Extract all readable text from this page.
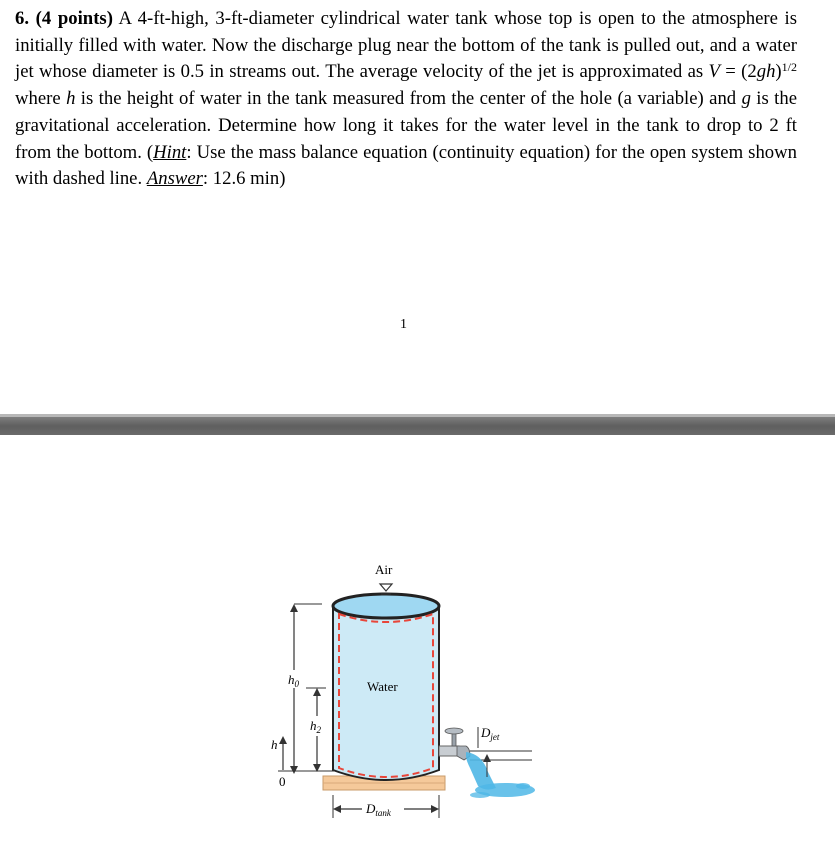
6. (4 points) A 4-ft-high, 3-ft-diameter cylindrical water tank whose top is open to the atmosphere is initially filled with water. Now the discharge plug near the bottom of the tank is pulled out, and a water jet whose diameter is 0.5 in streams out. The average velocity of the jet is approximated as $V = (2gh)^{1/2}$ where h is the height of water in the tank measured from the center of the hole (a variable) and g is the gravitational acceleration. Determine how long it takes for the water level in the tank to drop to 2 ft from the bottom. (Hint: Use the mass balance equation (continuity equation) for the open system shown with dashed line. Answer: 12.6 min)
1
$h_0$
$h_2$
h
0
Water
Air
$D_{jet}$
$D_{tank}$
